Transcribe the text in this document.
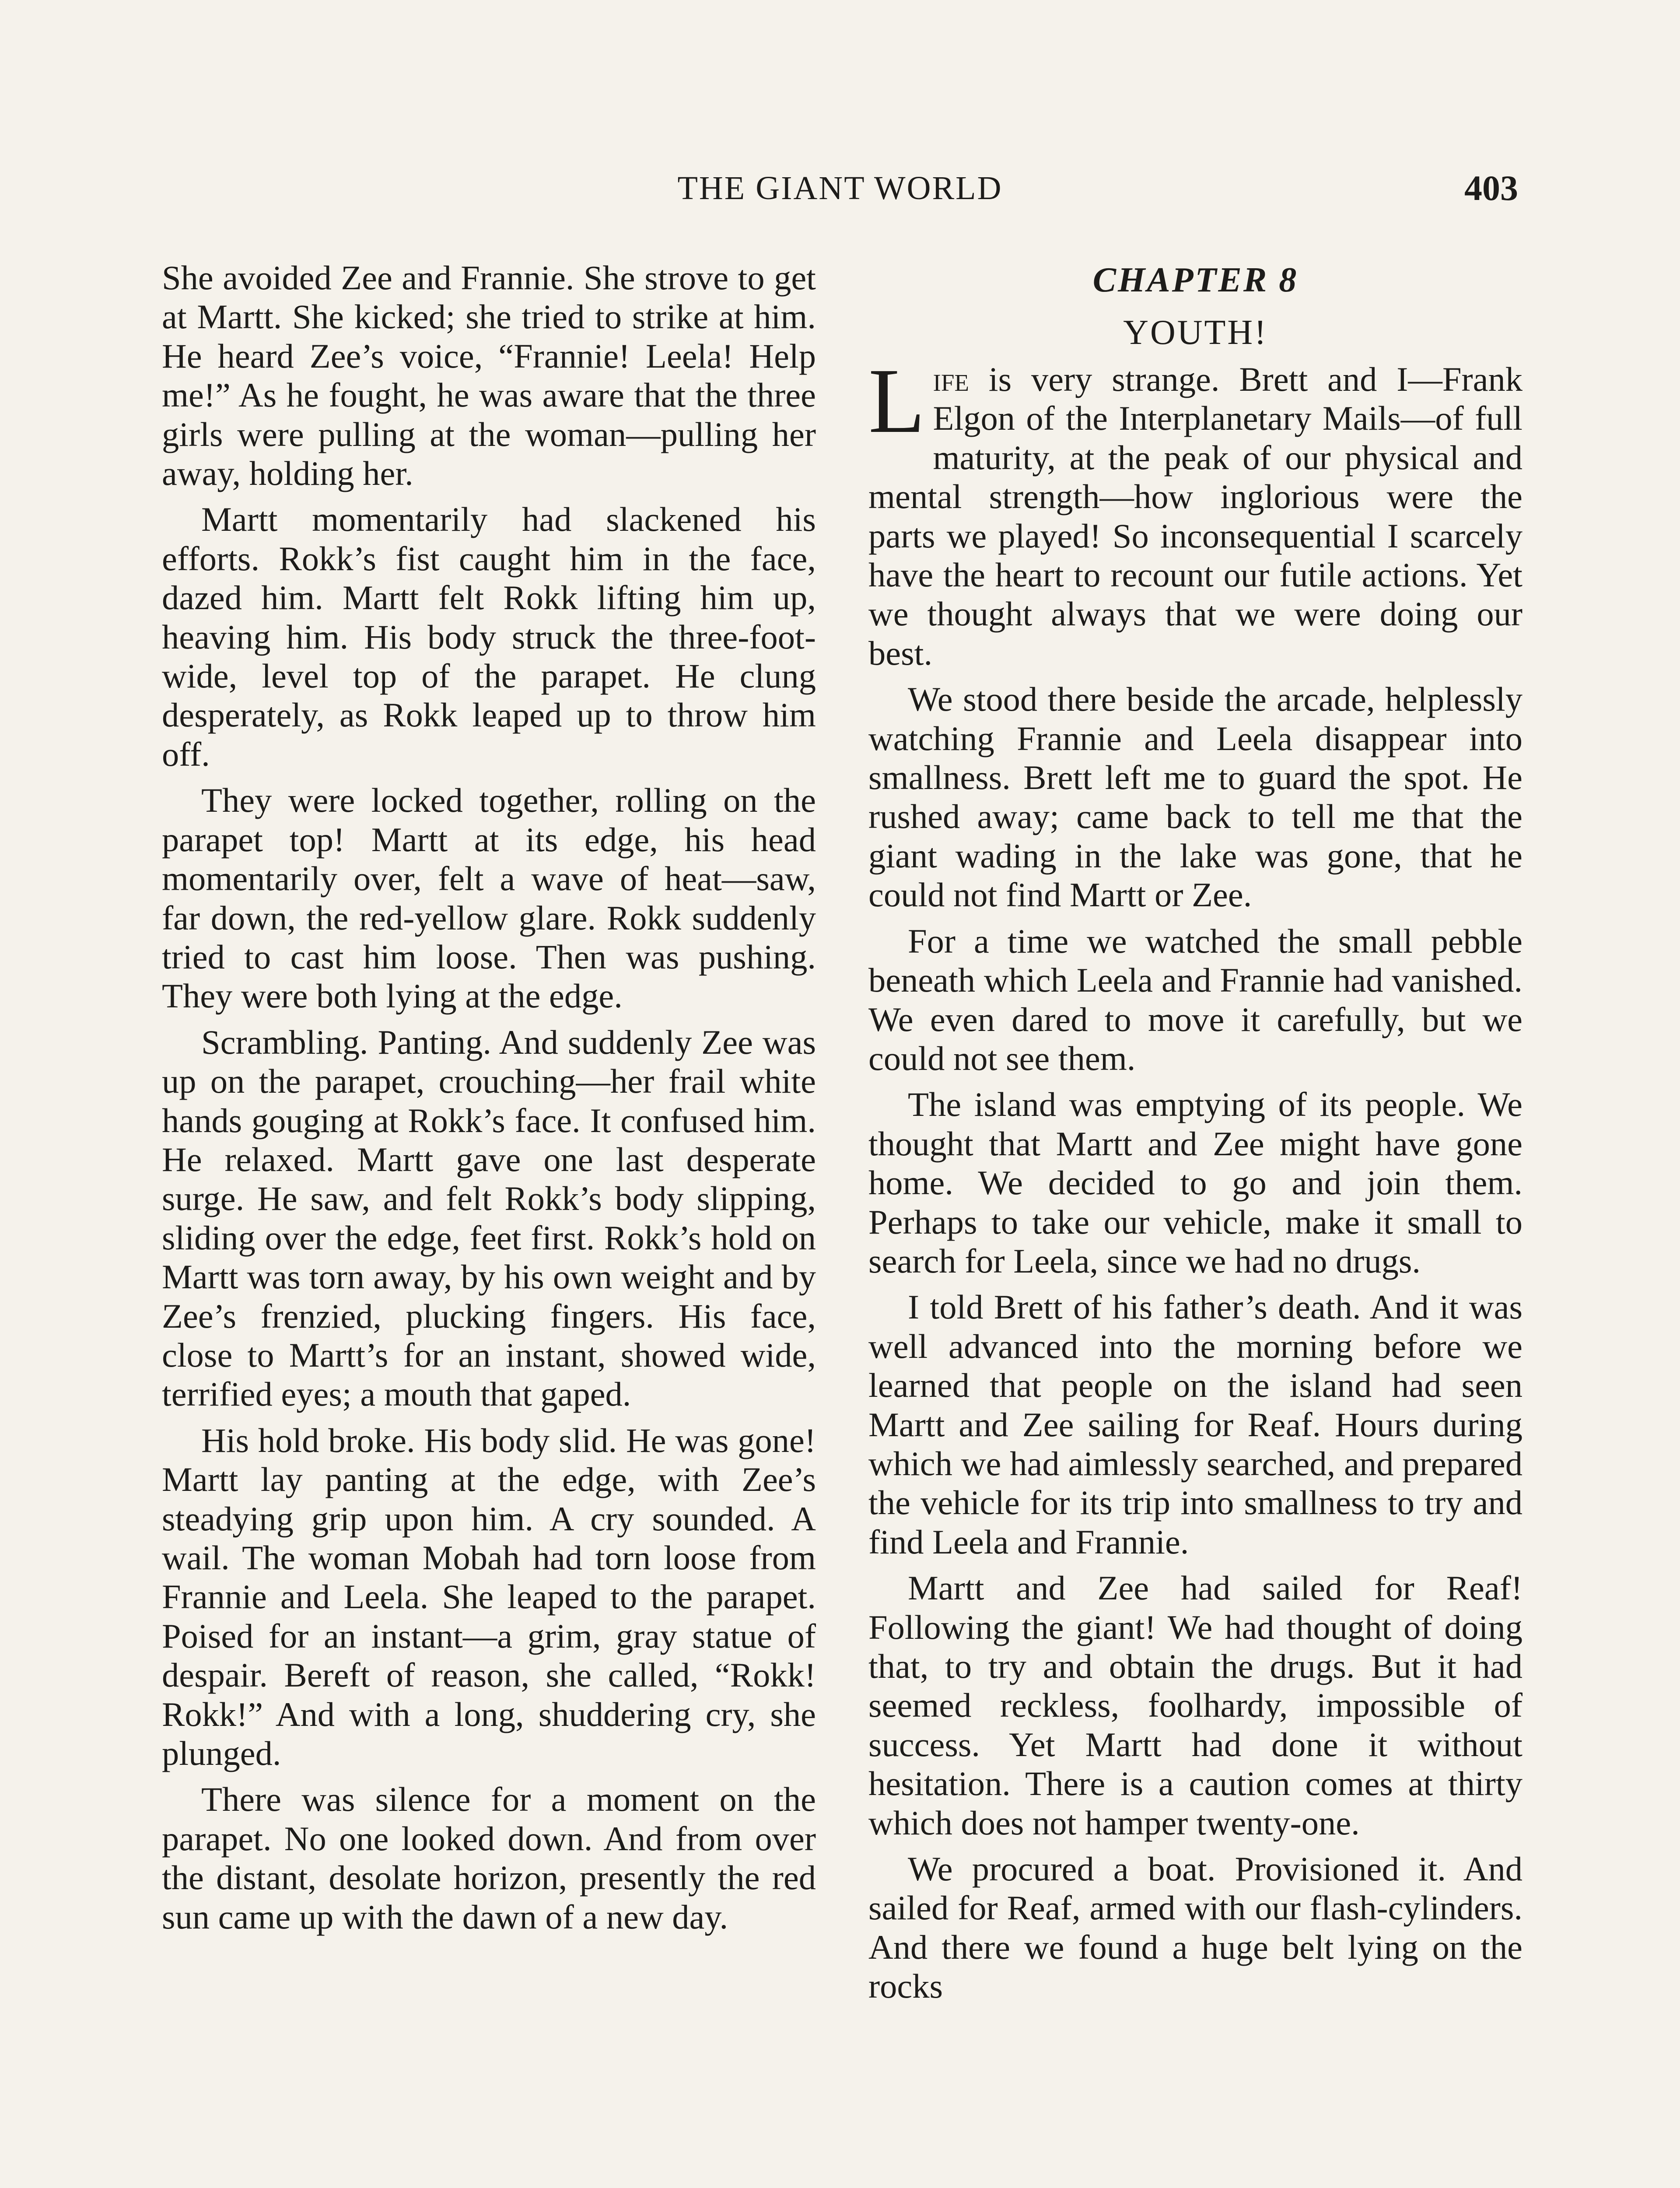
THE GIANT WORLD	403

She avoided Zee and Frannie. She strove to get at Martt. She kicked; she tried to strike at him. He heard Zee’s voice, “Frannie! Leela! Help me!” As he fought, he was aware that the three girls were pulling at the woman—pulling her away, holding her.

Martt momentarily had slackened his efforts. Rokk’s fist caught him in the face, dazed him. Martt felt Rokk lifting him up, heaving him. His body struck the three-foot-wide, level top of the parapet. He clung desperately, as Rokk leaped up to throw him off.

They were locked together, rolling on the parapet top! Martt at its edge, his head momentarily over, felt a wave of heat—saw, far down, the red-yellow glare. Rokk suddenly tried to cast him loose. Then was pushing. They were both lying at the edge.

Scrambling. Panting. And suddenly Zee was up on the parapet, crouching—her frail white hands gouging at Rokk’s face. It confused him. He relaxed. Martt gave one last desperate surge. He saw, and felt Rokk’s body slipping, sliding over the edge, feet first. Rokk’s hold on Martt was torn away, by his own weight and by Zee’s frenzied, plucking fingers. His face, close to Martt’s for an instant, showed wide, terrified eyes; a mouth that gaped.

His hold broke. His body slid. He was gone! Martt lay panting at the edge, with Zee’s steadying grip upon him. A cry sounded. A wail. The woman Mobah had torn loose from Frannie and Leela. She leaped to the parapet. Poised for an instant—a grim, gray statue of despair. Bereft of reason, she called, “Rokk! Rokk!” And with a long, shuddering cry, she plunged.

There was silence for a moment on the parapet. No one looked down. And from over the distant, desolate horizon, presently the red sun came up with the dawn of a new day.

CHAPTER 8
YOUTH!

Life is very strange. Brett and I—Frank Elgon of the Interplanetary Mails—of full maturity, at the peak of our physical and mental strength—how inglorious were the parts we played! So inconsequential I scarcely have the heart to recount our futile actions. Yet we thought always that we were doing our best.

We stood there beside the arcade, helplessly watching Frannie and Leela disappear into smallness. Brett left me to guard the spot. He rushed away; came back to tell me that the giant wading in the lake was gone, that he could not find Martt or Zee.

For a time we watched the small pebble beneath which Leela and Frannie had vanished. We even dared to move it carefully, but we could not see them.

The island was emptying of its people. We thought that Martt and Zee might have gone home. We decided to go and join them. Perhaps to take our vehicle, make it small to search for Leela, since we had no drugs.

I told Brett of his father’s death. And it was well advanced into the morning before we learned that people on the island had seen Martt and Zee sailing for Reaf. Hours during which we had aimlessly searched, and prepared the vehicle for its trip into smallness to try and find Leela and Frannie.

Martt and Zee had sailed for Reaf! Following the giant! We had thought of doing that, to try and obtain the drugs. But it had seemed reckless, foolhardy, impossible of success. Yet Martt had done it without hesitation. There is a caution comes at thirty which does not hamper twenty-one.

We procured a boat. Provisioned it. And sailed for Reaf, armed with our flash-cylinders. And there we found a huge belt lying on the rocks
